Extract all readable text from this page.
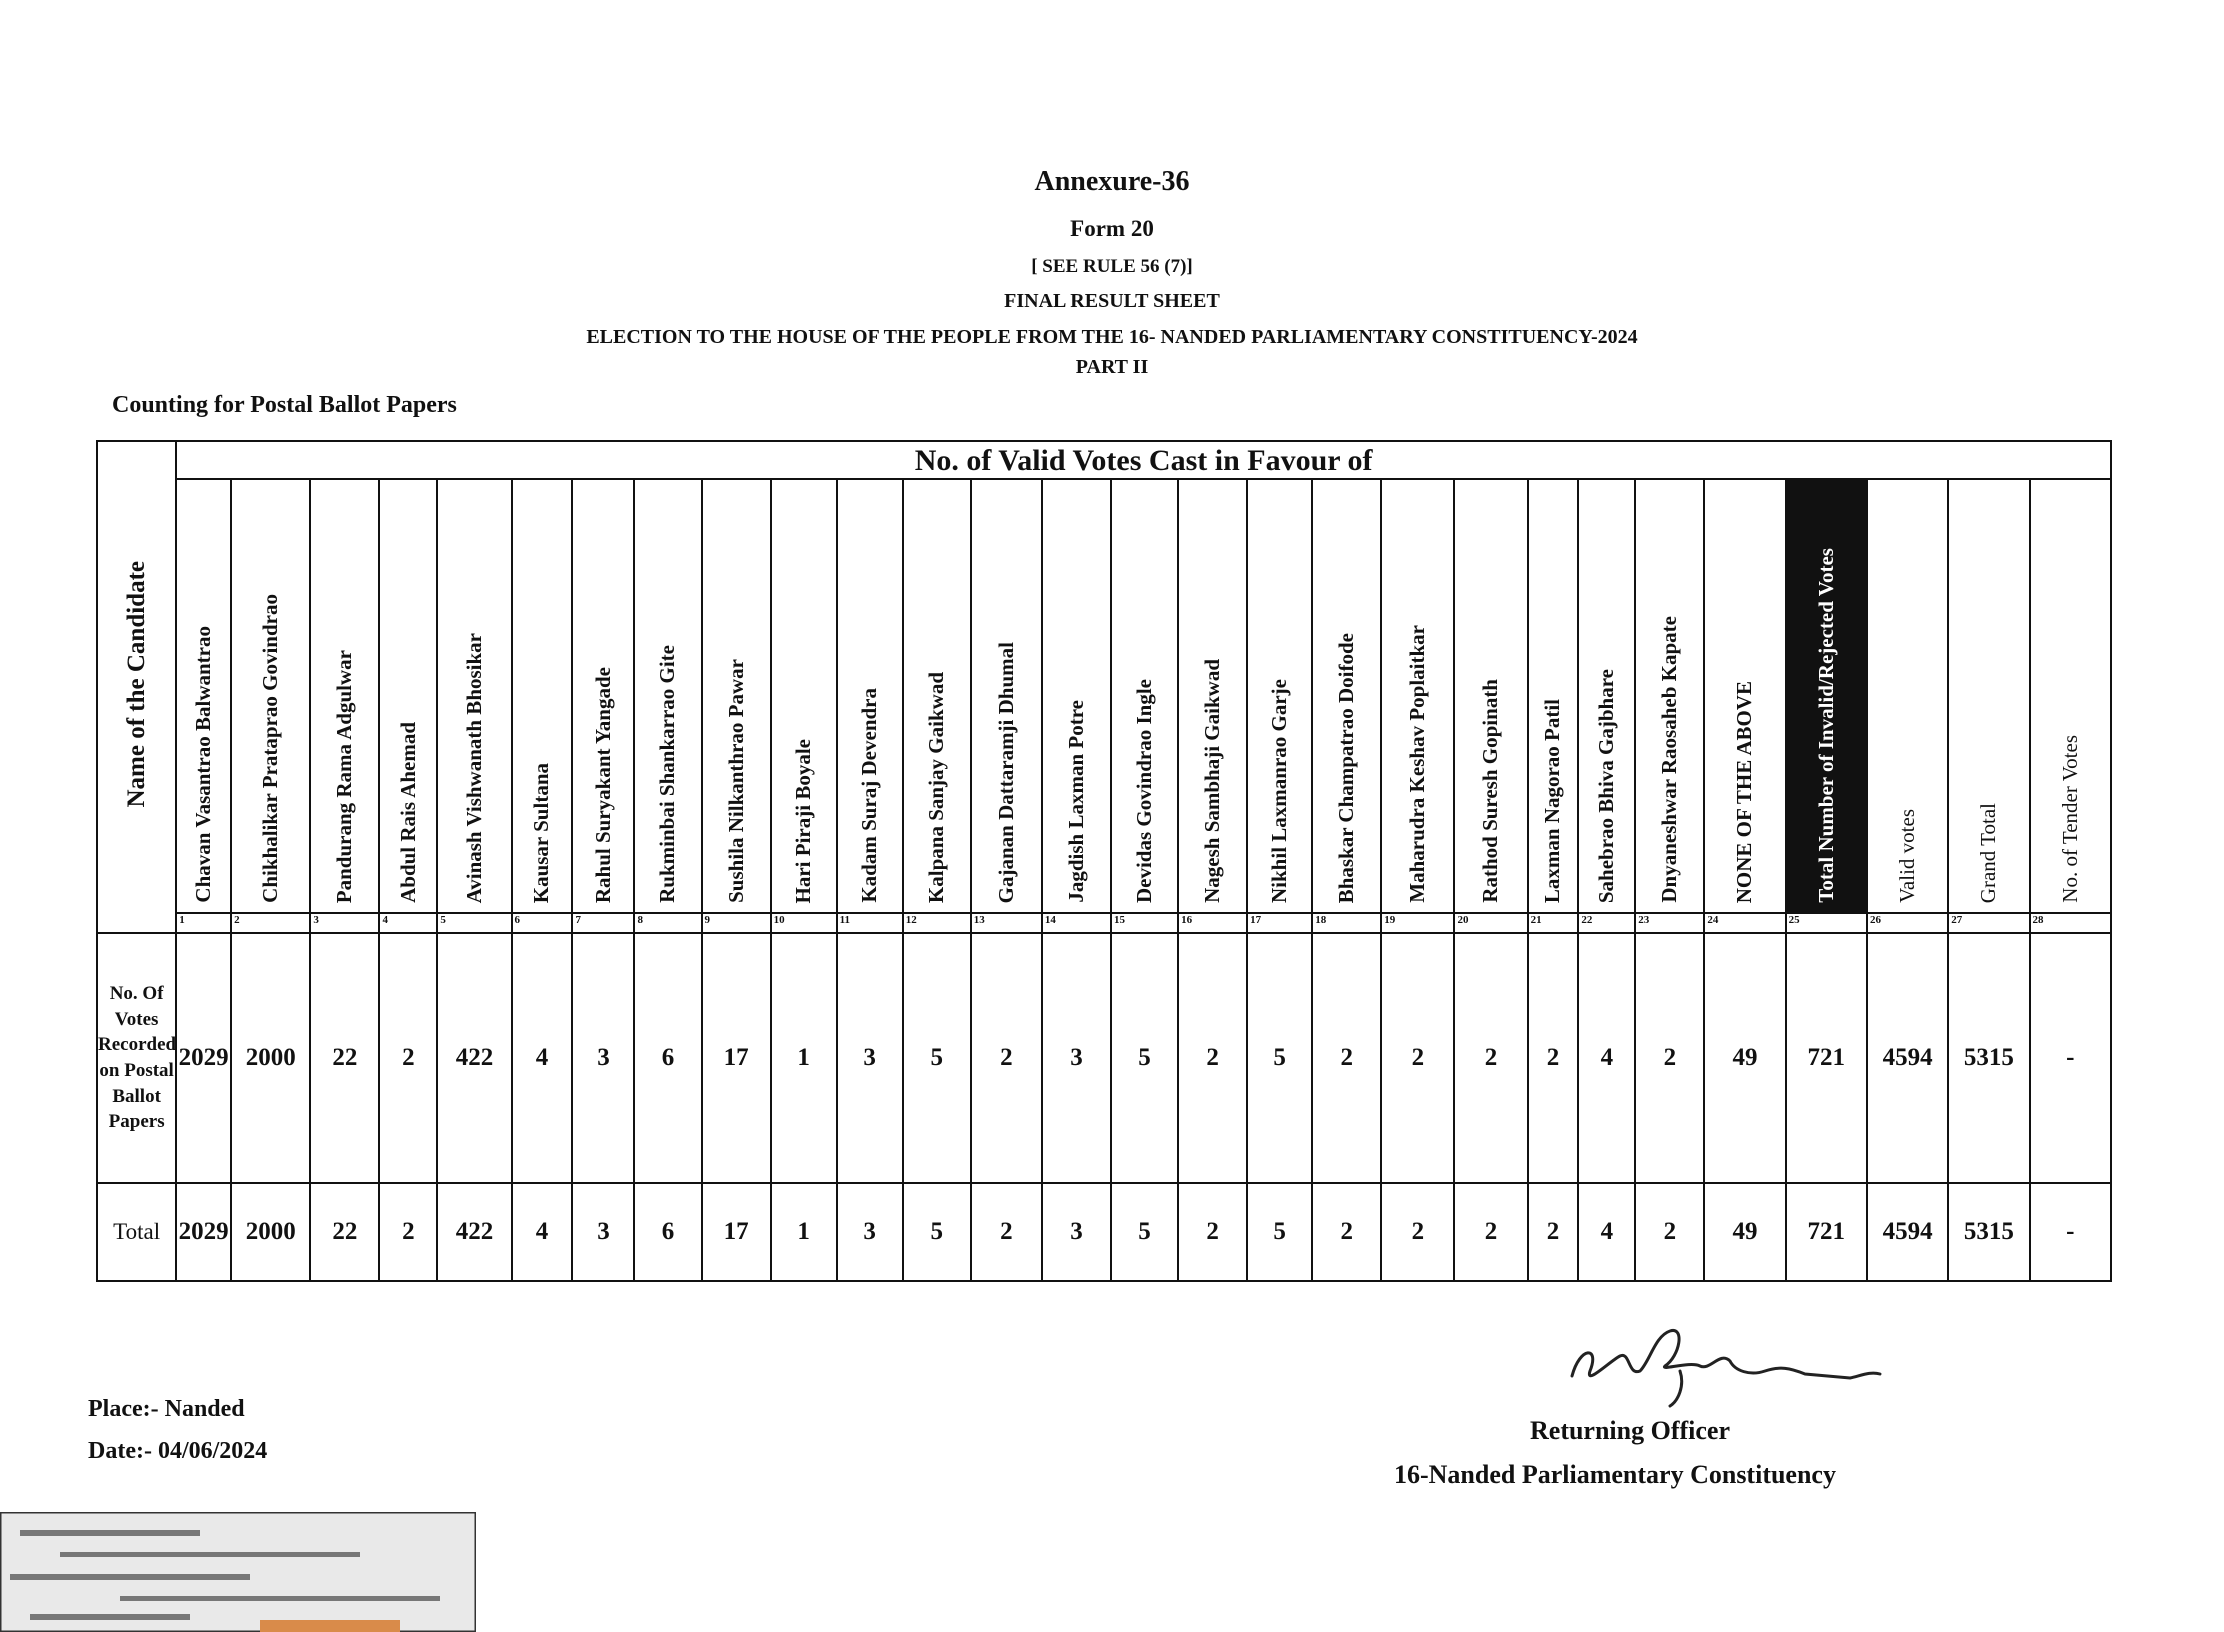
Annexure-36
Form 20
[ SEE RULE 56 (7)]
FINAL RESULT SHEET
ELECTION TO THE HOUSE OF THE PEOPLE FROM THE 16- NANDED PARLIAMENTARY CONSTITUENCY-2024
PART II
Counting for Postal Ballot Papers
Name of the Candidate	No. of Valid Votes Cast in Favour of																											
	Chavan Vasantrao Balwantrao	Chikhalikar Prataprao Govindrao	Pandurang Rama Adgulwar	Abdul Rais Ahemad	Avinash Vishwanath Bhosikar	Kausar Sultana	Rahul Suryakant Yangade	Rukminbai Shankarrao Gite	Sushila Nilkanthrao Pawar	Hari Piraji Boyale	Kadam Suraj Devendra	Kalpana Sanjay Gaikwad	Gajanan Dattaramji Dhumal	Jagdish Laxman Potre	Devidas Govindrao Ingle	Nagesh Sambhaji Gaikwad	Nikhil Laxmanrao Garje	Bhaskar Champatrao Doifode	Maharudra Keshav Poplaitkar	Rathod Suresh Gopinath	Laxman Nagorao Patil	Sahebrao Bhiva Gajbhare	Dnyaneshwar Raosaheb Kapate	NONE OF THE ABOVE	Total Number of Invalid/Rejected Votes	Valid votes	Grand Total	No. of Tender Votes
	1	2	3	4	5	6	7	8	9	10	11	12	13	14	15	16	17	18	19	20	21	22	23	24	25	26	27	28
No. Of Votes Recorded on Postal Ballot Papers	2029	2000	22	2	422	4	3	6	17	1	3	5	2	3	5	2	5	2	2	2	2	4	2	49	721	4594	5315	-
Total	2029	2000	22	2	422	4	3	6	17	1	3	5	2	3	5	2	5	2	2	2	2	4	2	49	721	4594	5315	-
Place:- Nanded
Date:- 04/06/2024
Returning Officer
16-Nanded Parliamentary Constituency
